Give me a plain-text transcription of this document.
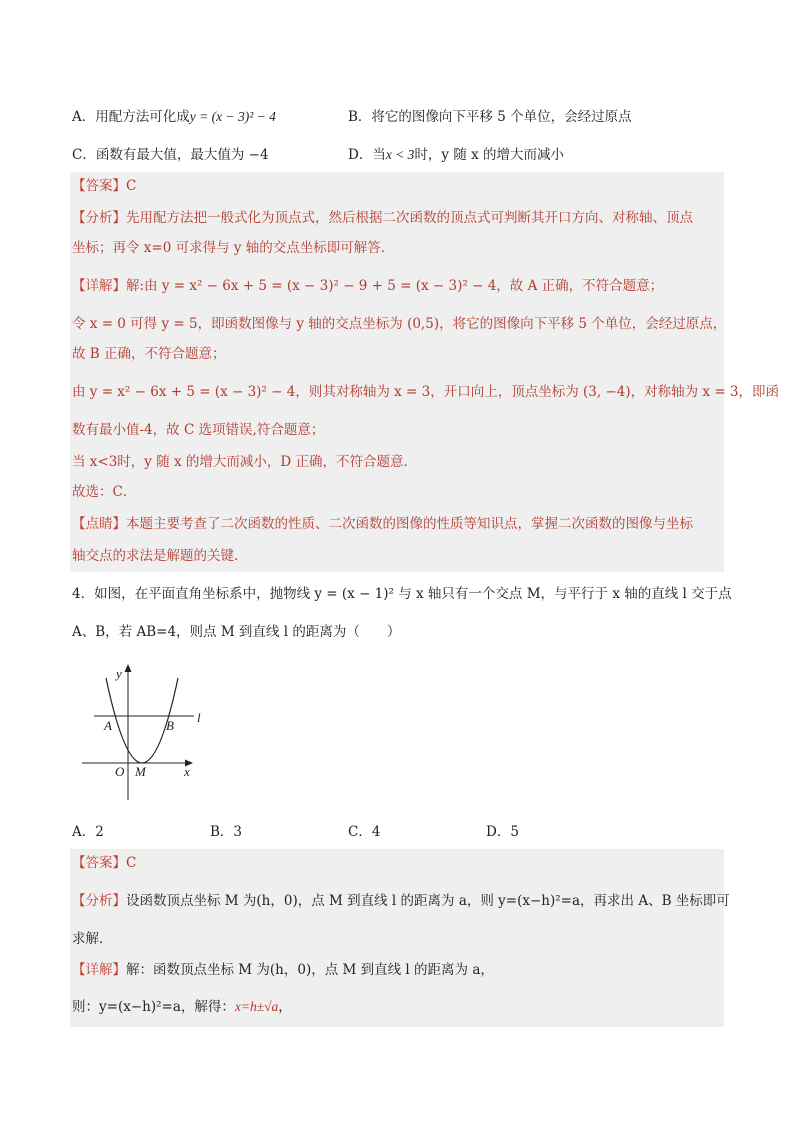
A．用配方法可化成y = (x − 3)² − 4	B．将它的图像向下平移 5 个单位，会经过原点
C．函数有最大值，最大值为 −4	D．当x < 3时，y 随 x 的增大而减小
【答案】C
【分析】先用配方法把一般式化为顶点式，然后根据二次函数的顶点式可判断其开口方向、对称轴、顶点
坐标；再令 x=0 可求得与 y 轴的交点坐标即可解答．
【详解】解:由 y = x² − 6x + 5 = (x − 3)² − 9 + 5 = (x − 3)² − 4，故 A 正确，不符合题意；
令 x = 0 可得 y = 5，即函数图像与 y 轴的交点坐标为 (0,5)，将它的图像向下平移 5 个单位，会经过原点，
故 B 正确，不符合题意；
由 y = x² − 6x + 5 = (x − 3)² − 4，则其对称轴为 x = 3，开口向上，顶点坐标为 (3, −4)，对称轴为 x = 3，即函
数有最小值-4，故 C 选项错误,符合题意；
当 x<3时，y 随 x 的增大而减小，D 正确，不符合题意．
故选：C．
【点睛】本题主要考查了二次函数的性质、二次函数的图像的性质等知识点，掌握二次函数的图像与坐标
轴交点的求法是解题的关键．
4．如图，在平面直角坐标系中，抛物线 y = (x − 1)² 与 x 轴只有一个交点 M，与平行于 x 轴的直线 l 交于点
A、B，若 AB=4，则点 M 到直线 l 的距离为（　　）
y
x
O M
A	B
l
A．2	B．3	C．4	D．5
【答案】C
【分析】设函数顶点坐标 M 为(h，0)，点 M 到直线 l 的距离为 a，则 y=(x−h)²=a，再求出 A、B 坐标即可
求解．
【详解】解：函数顶点坐标 M 为(h，0)，点 M 到直线 l 的距离为 a，
则：y=(x−h)²=a，解得：x=h±√a，
